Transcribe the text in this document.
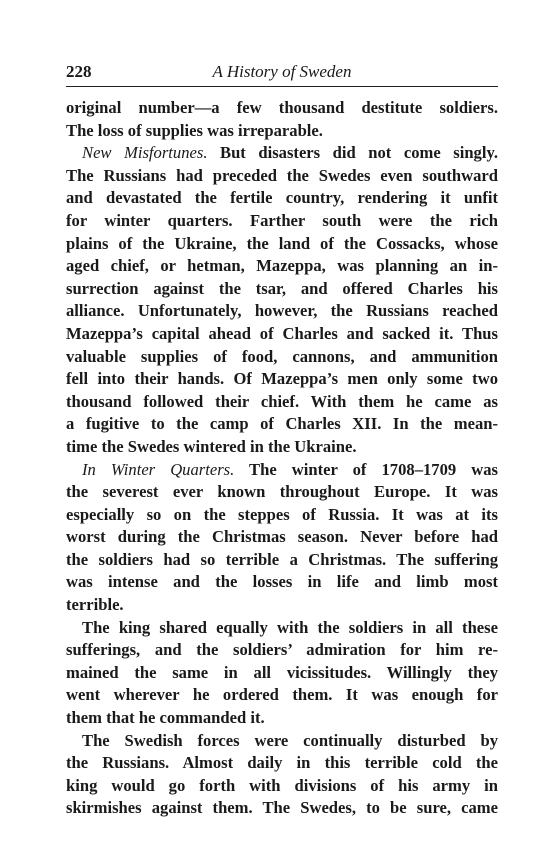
228	A History of Sweden
original number—a few thousand destitute soldiers.
The loss of supplies was irreparable.
New Misfortunes. But disasters did not come singly.
The Russians had preceded the Swedes even southward
and devastated the fertile country, rendering it unfit
for winter quarters. Farther south were the rich
plains of the Ukraine, the land of the Cossacks, whose
aged chief, or hetman, Mazeppa, was planning an in-
surrection against the tsar, and offered Charles his
alliance. Unfortunately, however, the Russians reached
Mazeppa’s capital ahead of Charles and sacked it. Thus
valuable supplies of food, cannons, and ammunition
fell into their hands. Of Mazeppa’s men only some two
thousand followed their chief. With them he came as
a fugitive to the camp of Charles XII. In the mean-
time the Swedes wintered in the Ukraine.
In Winter Quarters. The winter of 1708–1709 was
the severest ever known throughout Europe. It was
especially so on the steppes of Russia. It was at its
worst during the Christmas season. Never before had
the soldiers had so terrible a Christmas. The suffering
was intense and the losses in life and limb most
terrible.
The king shared equally with the soldiers in all these
sufferings, and the soldiers’ admiration for him re-
mained the same in all vicissitudes. Willingly they
went wherever he ordered them. It was enough for
them that he commanded it.
The Swedish forces were continually disturbed by
the Russians. Almost daily in this terrible cold the
king would go forth with divisions of his army in
skirmishes against them. The Swedes, to be sure, came
